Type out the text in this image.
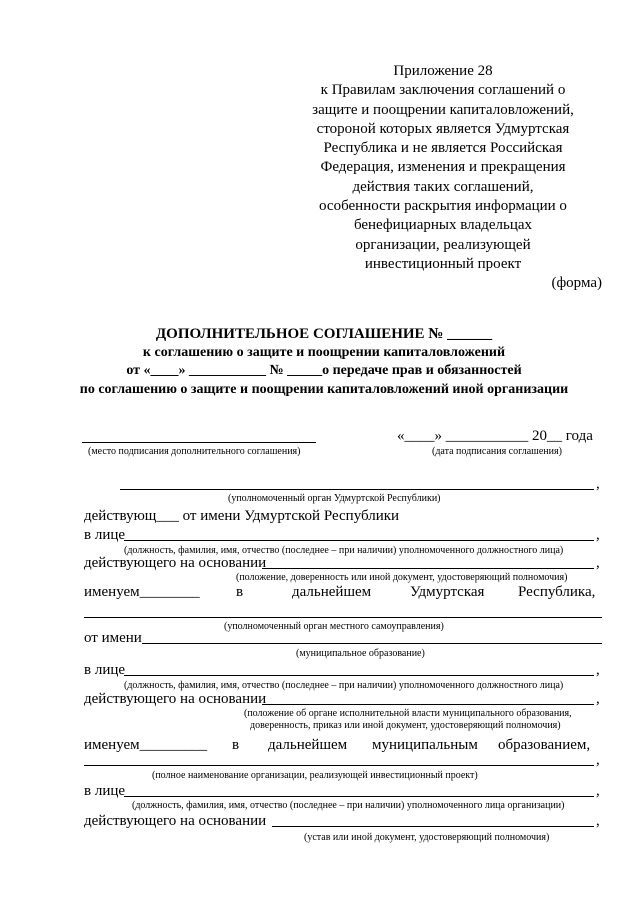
Приложение 28
к Правилам заключения соглашений о
защите и поощрении капиталовложений,
стороной которых является Удмуртская
Республика и не является Российская
Федерация, изменения и прекращения
действия таких соглашений,
особенности раскрытия информации о
бенефициарных владельцах
организации, реализующей
инвестиционный проект
(форма)
ДОПОЛНИТЕЛЬНОЕ СОГЛАШЕНИЕ № ______
к соглашению о защите и поощрении капиталовложений
от «____» ___________ № _____о передаче прав и обязанностей
по соглашению о защите и поощрении капиталовложений иной организации
«____» ___________ 20__ года
(место подписания дополнительного соглашения)	(дата подписания соглашения)
,
(уполномоченный орган Удмуртской Республики)
действующ___ от имени Удмуртской Республики
в лице	,
(должность, фамилия, имя, отчество (последнее – при наличии) уполномоченного должностного лица)
действующего на основании	,
(положение, доверенность или иной документ, удостоверяющий полномочия)
именуем________ в	дальнейшем	Удмуртская Республика,
(уполномоченный орган местного самоуправления)
от имени
(муниципальное образование)
в лице	,
(должность, фамилия, имя, отчество (последнее – при наличии) уполномоченного должностного лица)
действующего на основании	,
(положение об органе исполнительной власти муниципального образования,
доверенность, приказ или иной документ, удостоверяющий полномочия)
именуем_________ в дальнейшем муниципальным образованием,
,
(полное наименование организации, реализующей инвестиционный проект)
в лице	,
(должность, фамилия, имя, отчество (последнее – при наличии) уполномоченного лица организации)
действующего на основании	,
(устав или иной документ, удостоверяющий полномочия)
